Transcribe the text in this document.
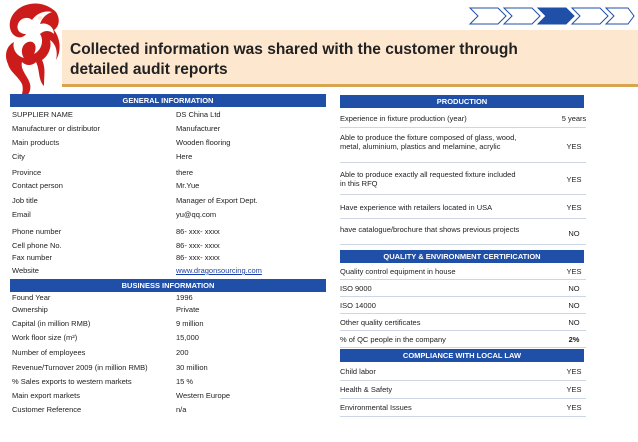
Collected information was shared with the customer through
detailed audit reports
GENERAL INFORMATION
SUPPLIER NAME	DS China Ltd
Manufacturer or distributor	Manufacturer
Main products	Wooden flooring
City	Here
Province	there
Contact person	Mr.Yue
Job title	Manager of Export Dept.
Email	yu@qq.com
Phone number	86- xxx- xxxx
Cell phone No.	86- xxx- xxxx
Fax number	86- xxx- xxxx
Website	www.dragonsourcing.com
BUSINESS INFORMATION
Found Year	1996
Ownership	Private
Capital (in million RMB)	9 million
Work floor size (m²)	15,000
Number of employees	200
Revenue/Turnover 2009 (in million RMB)	30 million
% Sales exports to western markets	15 %
Main export markets	Western Europe
Customer Reference	n/a
PRODUCTION
Experience in fixture production (year)	5 years
Able to produce the fixture composed of glass, wood, metal, aluminium, plastics and melamine, acrylic	YES
Able to produce exactly all requested fixture included in this RFQ	YES
Have experience with retailers located in USA	YES
have catalogue/brochure that shows previous projects	NO
QUALITY & ENVIRONMENT CERTIFICATION
Quality control equipment in house	YES
ISO 9000	NO
ISO 14000	NO
Other quality certificates	NO
% of QC people in the company	2%
COMPLIANCE WITH LOCAL LAW
Child labor	YES
Health & Safety	YES
Environmental Issues	YES
